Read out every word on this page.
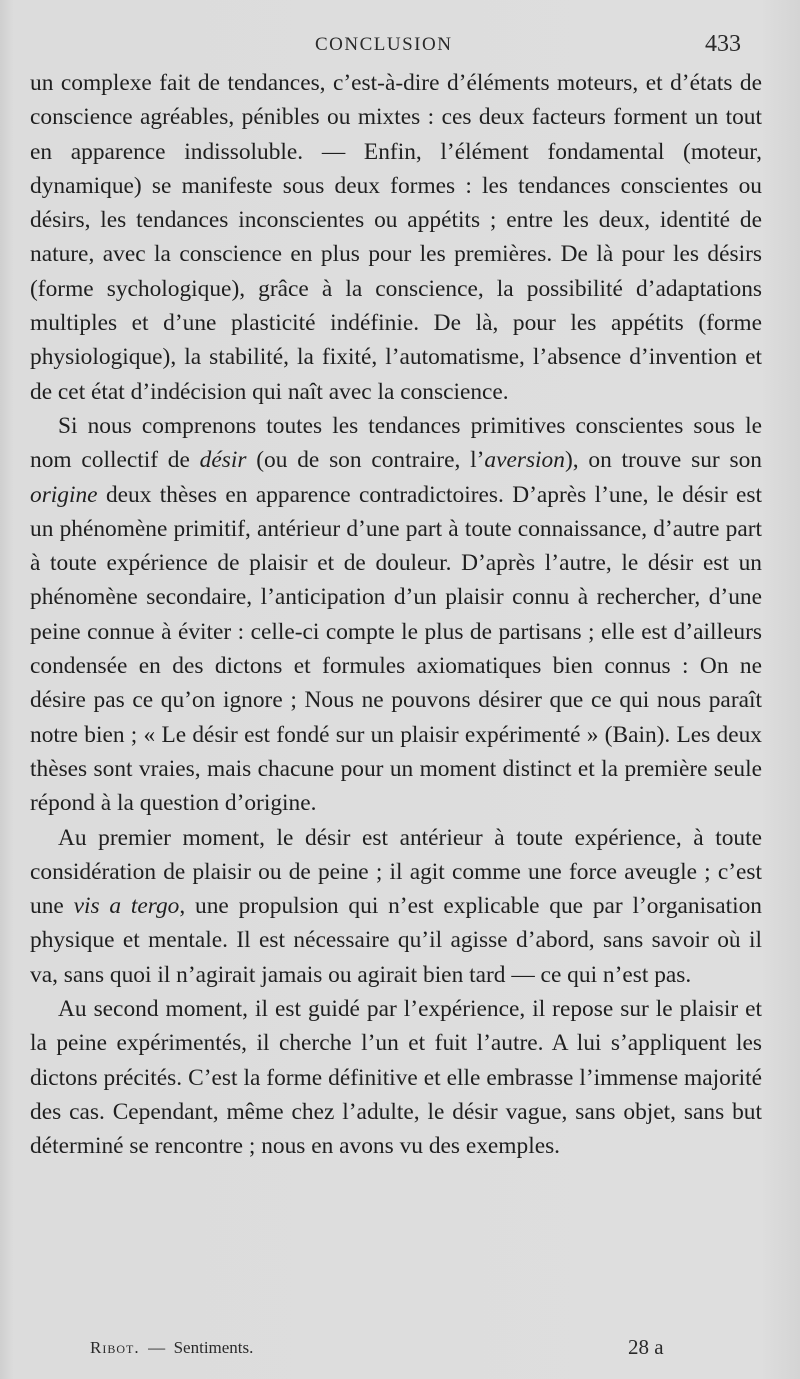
CONCLUSION	433

un complexe fait de tendances, c’est-à-dire d’éléments moteurs, et d’états de conscience agréables, pénibles ou mixtes : ces deux facteurs forment un tout en apparence indissoluble. — Enfin, l’élément fondamental (moteur, dynamique) se manifeste sous deux formes : les tendances conscientes ou désirs, les tendances inconscientes ou appétits ; entre les deux, identité de nature, avec la conscience en plus pour les premières. De là pour les désirs (forme sychologique), grâce à la conscience, la possibilité d’adaptations multiples et d’une plasticité indéfinie. De là, pour les appétits (forme physiologique), la stabilité, la fixité, l’automatisme, l’absence d’invention et de cet état d’indécision qui naît avec la conscience.

Si nous comprenons toutes les tendances primitives conscientes sous le nom collectif de désir (ou de son contraire, l’aversion), on trouve sur son origine deux thèses en apparence contradictoires. D’après l’une, le désir est un phénomène primitif, antérieur d’une part à toute connaissance, d’autre part à toute expérience de plaisir et de douleur. D’après l’autre, le désir est un phénomène secondaire, l’anticipation d’un plaisir connu à rechercher, d’une peine connue à éviter : celle-ci compte le plus de partisans ; elle est d’ailleurs condensée en des dictons et formules axiomatiques bien connus : On ne désire pas ce qu’on ignore ; Nous ne pouvons désirer que ce qui nous paraît notre bien ; « Le désir est fondé sur un plaisir expérimenté » (Bain). Les deux thèses sont vraies, mais chacune pour un moment distinct et la première seule répond à la question d’origine.

Au premier moment, le désir est antérieur à toute expérience, à toute considération de plaisir ou de peine ; il agit comme une force aveugle ; c’est une vis a tergo, une propulsion qui n’est explicable que par l’organisation physique et mentale. Il est nécessaire qu’il agisse d’abord, sans savoir où il va, sans quoi il n’agirait jamais ou agirait bien tard — ce qui n’est pas.

Au second moment, il est guidé par l’expérience, il repose sur le plaisir et la peine expérimentés, il cherche l’un et fuit l’autre. A lui s’appliquent les dictons précités. C’est la forme définitive et elle embrasse l’immense majorité des cas. Cependant, même chez l’adulte, le désir vague, sans objet, sans but déterminé se rencontre ; nous en avons vu des exemples.

Ribot. — Sentiments.	28 a
